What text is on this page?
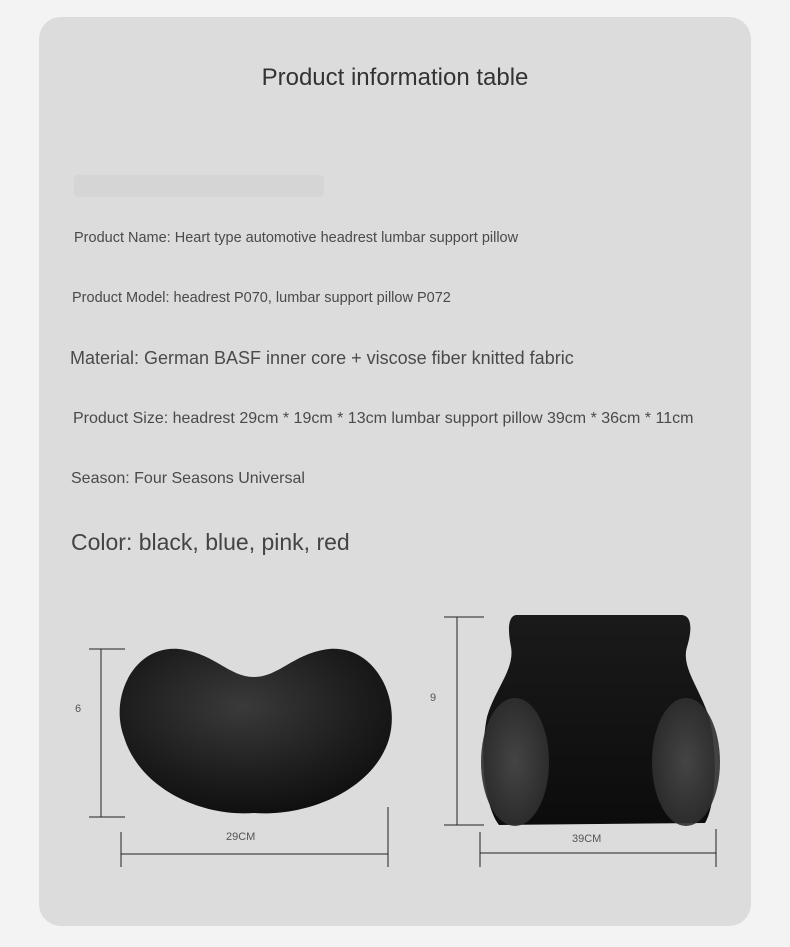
Product information table
Product Name: Heart type automotive headrest lumbar support pillow
Product Model: headrest P070, lumbar support pillow P072
Material: German BASF inner core + viscose fiber knitted fabric
Product Size: headrest 29cm * 19cm * 13cm lumbar support pillow 39cm * 36cm * 11cm
Season: Four Seasons Universal
Color: black, blue, pink, red
6
29CM
9
39CM
